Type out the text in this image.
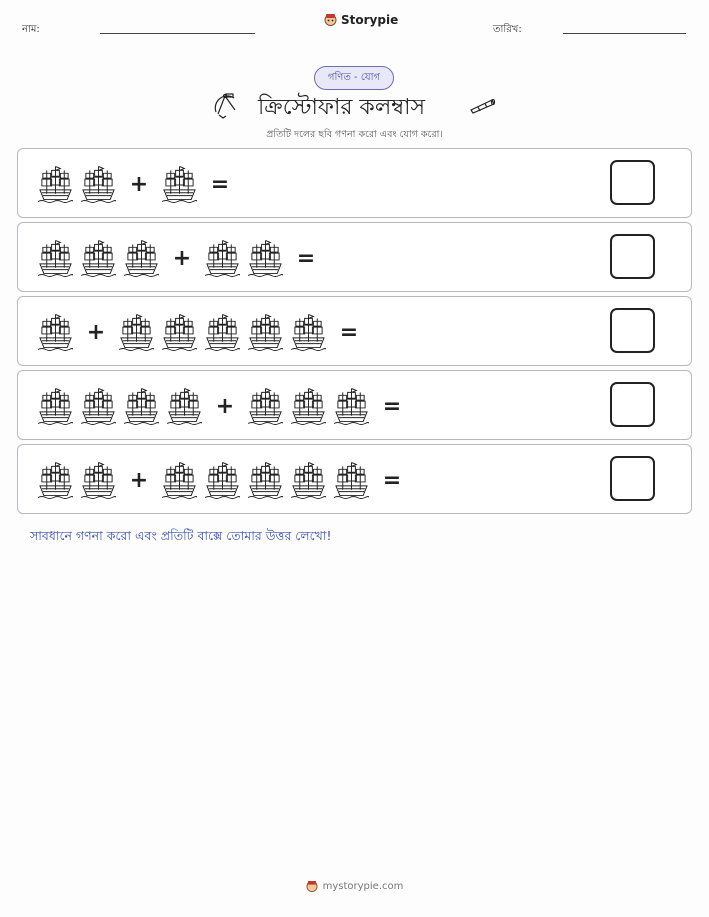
নাম:
Storypie
তারিখ:
গণিত - যোগ
ক্রিস্টোফার কলম্বাস
প্রতিটি দলের ছবি গণনা করো এবং যোগ করো।
+	=
+	=
+	=
+	=
+	=
সাবধানে গণনা করো এবং প্রতিটি বাক্সে তোমার উত্তর লেখো!
mystorypie.com
